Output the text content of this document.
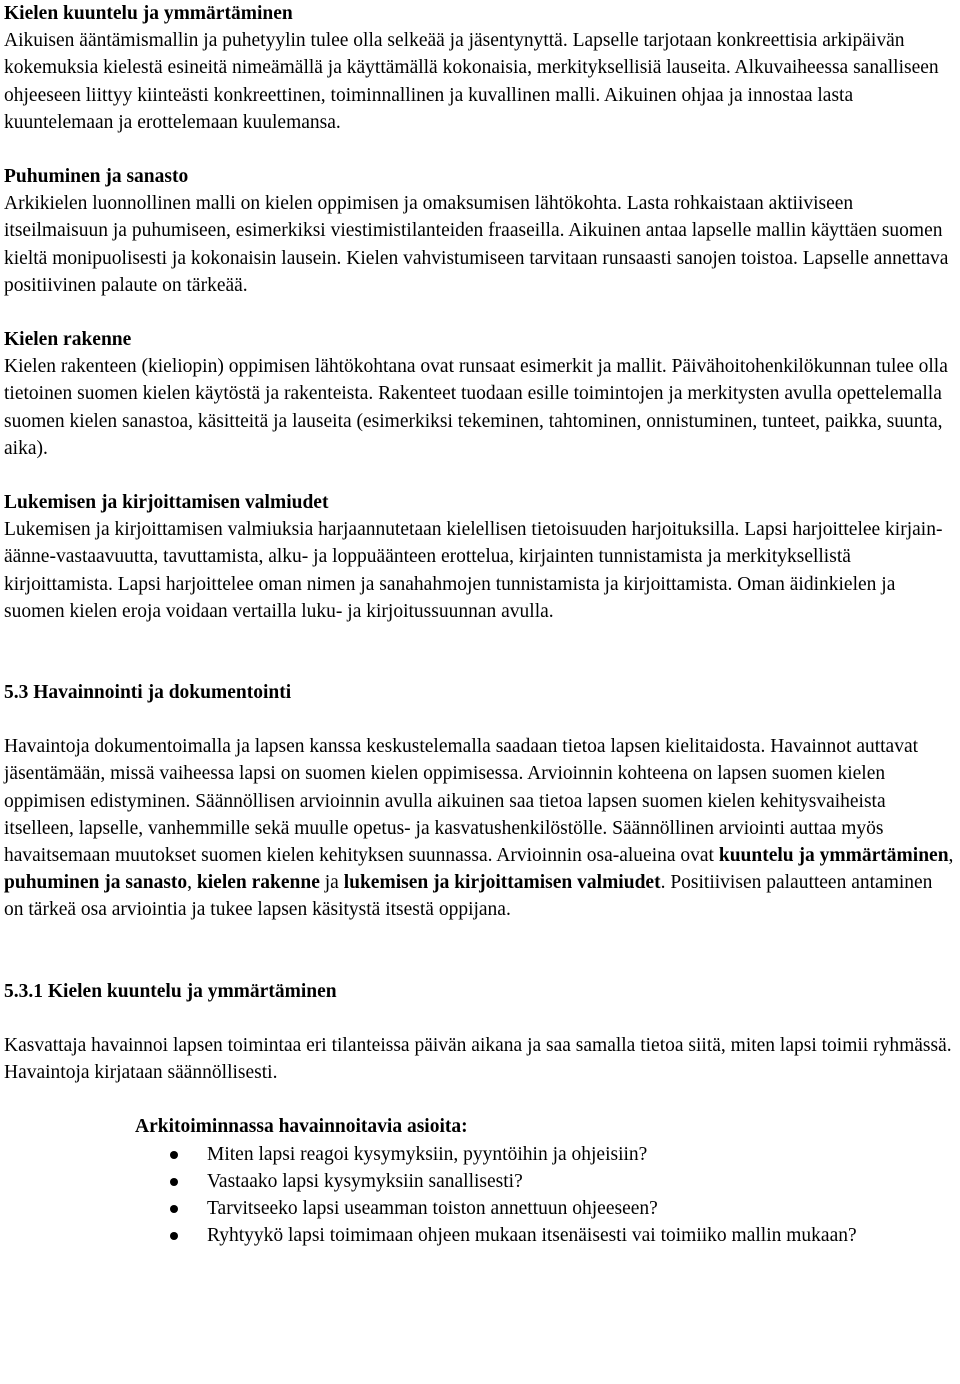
Kielen kuuntelu ja ymmärtäminen

Aikuisen ääntämismallin ja puhetyylin tulee olla selkeää ja jäsentynyttä. Lapselle tarjotaan konkreettisia arkipäivän kokemuksia kielestä esineitä nimeämällä ja käyttämällä kokonaisia, merkityksellisiä lauseita. Alkuvaiheessa sanalliseen ohjeeseen liittyy kiinteästi konkreettinen, toiminnallinen ja kuvallinen malli. Aikuinen ohjaa ja innostaa lasta kuuntelemaan ja erottelemaan kuulemansa.

Puhuminen ja sanasto

Arkikielen luonnollinen malli on kielen oppimisen ja omaksumisen lähtökohta. Lasta rohkaistaan aktiiviseen itseilmaisuun ja puhumiseen, esimerkiksi viestimistilanteiden fraaseilla. Aikuinen antaa lapselle mallin käyttäen suomen kieltä monipuolisesti ja kokonaisin lausein. Kielen vahvistumiseen tarvitaan runsaasti sanojen toistoa. Lapselle annettava positiivinen palaute on tärkeää.

Kielen rakenne

Kielen rakenteen (kieliopin) oppimisen lähtökohtana ovat runsaat esimerkit ja mallit. Päivähoitohenkilökunnan tulee olla tietoinen suomen kielen käytöstä ja rakenteista. Rakenteet tuodaan esille toimintojen ja merkitysten avulla opettelemalla suomen kielen sanastoa, käsitteitä ja lauseita (esimerkiksi tekeminen, tahtominen, onnistuminen, tunteet, paikka, suunta, aika).

Lukemisen ja kirjoittamisen valmiudet

Lukemisen ja kirjoittamisen valmiuksia harjaannutetaan kielellisen tietoisuuden harjoituksilla. Lapsi harjoittelee kirjain-äänne-vastaavuutta, tavuttamista, alku- ja loppuäänteen erottelua, kirjainten tunnistamista ja merkityksellistä kirjoittamista. Lapsi harjoittelee oman nimen ja sanahahmojen tunnistamista ja kirjoittamista. Oman äidinkielen ja suomen kielen eroja voidaan vertailla luku- ja kirjoitussuunnan avulla.

5.3 Havainnointi ja dokumentointi

Havaintoja dokumentoimalla ja lapsen kanssa keskustelemalla saadaan tietoa lapsen kielitaidosta. Havainnot auttavat jäsentämään, missä vaiheessa lapsi on suomen kielen oppimisessa. Arvioinnin kohteena on lapsen suomen kielen oppimisen edistyminen. Säännöllisen arvioinnin avulla aikuinen saa tietoa lapsen suomen kielen kehitysvaiheista itselleen, lapselle, vanhemmille sekä muulle opetus- ja kasvatushenkilöstölle. Säännöllinen arviointi auttaa myös havaitsemaan muutokset suomen kielen kehityksen suunnassa. Arvioinnin osa-alueina ovat kuuntelu ja ymmärtäminen, puhuminen ja sanasto, kielen rakenne ja lukemisen ja kirjoittamisen valmiudet. Positiivisen palautteen antaminen on tärkeä osa arviointia ja tukee lapsen käsitystä itsestä oppijana.

5.3.1 Kielen kuuntelu ja ymmärtäminen

Kasvattaja havainnoi lapsen toimintaa eri tilanteissa päivän aikana ja saa samalla tietoa siitä, miten lapsi toimii ryhmässä. Havaintoja kirjataan säännöllisesti.

Arkitoiminnassa havainnoitavia asioita:

Miten lapsi reagoi kysymyksiin, pyyntöihin ja ohjeisiin?
Vastaako lapsi kysymyksiin sanallisesti?
Tarvitseeko lapsi useamman toiston annettuun ohjeeseen?
Ryhtyykö lapsi toimimaan ohjeen mukaan itsenäisesti vai toimiiko mallin mukaan?
